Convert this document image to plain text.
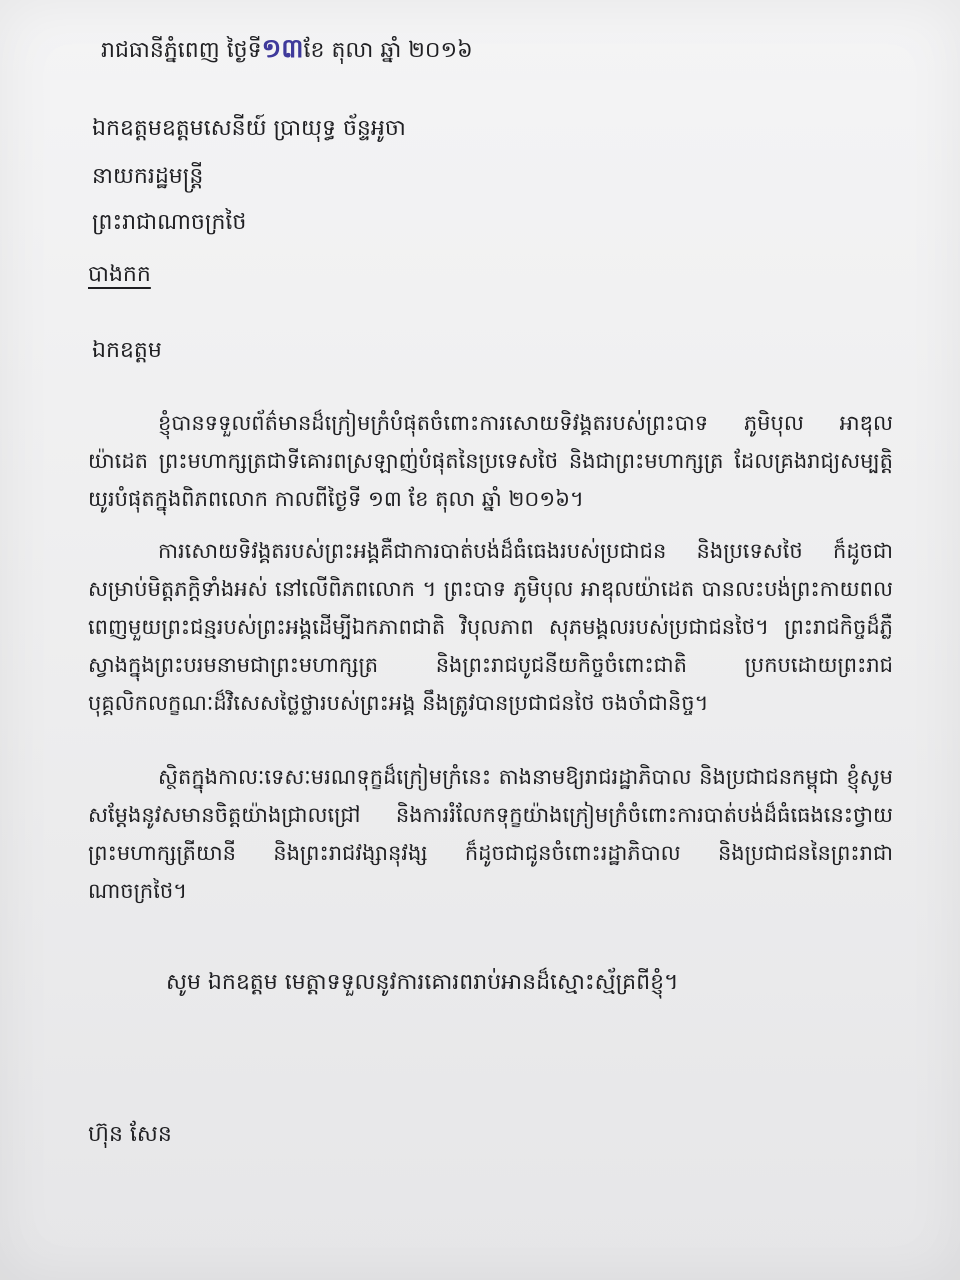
រាជធានីភ្នំពេញ ថ្ងៃទី១៣ខែ តុលា ឆ្នាំ ២០១៦
ឯកឧត្តមឧត្តមសេនីយ៍ ប្រាយុទ្ធ ច័ន្ទអូចា
នាយករដ្ឋមន្ត្រី
ព្រះរាជាណាចក្រថៃ
បាងកក
ឯកឧត្តម
ខ្ញុំបានទទួលព័ត៌មានដ៏ក្រៀមក្រំបំផុតចំពោះការសោយទិវង្គតរបស់ព្រះបាទ ភូមិបុល អាឌុលយ៉ាដេត ព្រះមហាក្សត្រជាទីគោរពស្រឡាញ់បំផុតនៃប្រទេសថៃ និងជាព្រះមហាក្សត្រ ដែលគ្រងរាជ្យសម្បត្តិយូរបំផុតក្នុងពិភពលោក កាលពីថ្ងៃទី ១៣ ខែ តុលា ឆ្នាំ ២០១៦។
ការសោយទិវង្គតរបស់ព្រះអង្គគឺជាការបាត់បង់ដ៏ធំធេងរបស់ប្រជាជន និងប្រទេសថៃ ក៏ដូចជាសម្រាប់មិត្តភក្តិទាំងអស់ នៅលើពិភពលោក ។ ព្រះបាទ ភូមិបុល អាឌុលយ៉ាដេត បានលះបង់ព្រះកាយពលពេញមួយព្រះជន្មរបស់ព្រះអង្គដើម្បីឯកភាពជាតិ វិបុលភាព សុភមង្គលរបស់ប្រជាជនថៃ។ ព្រះរាជកិច្ចដ៏ភ្លឺស្វាងក្នុងព្រះបរមនាមជាព្រះមហាក្សត្រ និងព្រះរាជបូជនីយកិច្ចចំពោះជាតិ ប្រកបដោយព្រះរាជបុគ្គលិកលក្ខណៈដ៏វិសេសថ្លៃថ្លារបស់ព្រះអង្គ នឹងត្រូវបានប្រជាជនថៃ ចងចាំជានិច្ច។
ស្ថិតក្នុងកាលៈទេសៈមរណទុក្ខដ៏ក្រៀមក្រំនេះ តាងនាមឱ្យរាជរដ្ឋាភិបាល និងប្រជាជនកម្ពុជា ខ្ញុំសូមសម្តែងនូវសមានចិត្តយ៉ាងជ្រាលជ្រៅ និងការរំលែកទុក្ខយ៉ាងក្រៀមក្រំចំពោះការបាត់បង់ដ៏ធំធេងនេះថ្វាយព្រះមហាក្សត្រីយានី និងព្រះរាជវង្សានុវង្ស ក៏ដូចជាជូនចំពោះរដ្ឋាភិបាល និងប្រជាជននៃព្រះរាជាណាចក្រថៃ។
សូម ឯកឧត្តម មេត្តាទទួលនូវការគោរពរាប់អានដ៏ស្មោះស្ម័គ្រពីខ្ញុំ។
ហ៊ុន សែន
